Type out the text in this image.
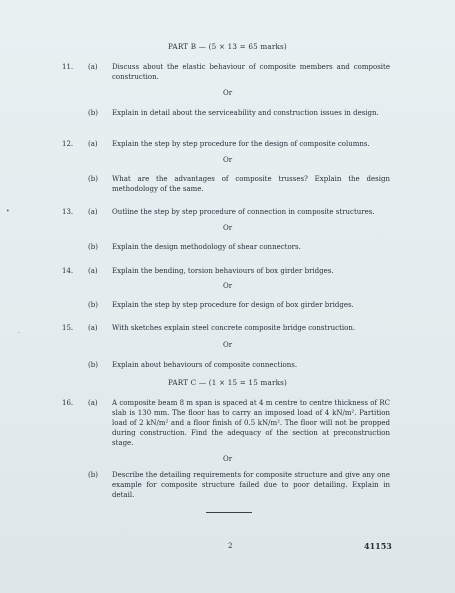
PART B — (5 × 13 = 65 marks)
11. (a) Discuss about the elastic behaviour of composite members and composite construction.
Or
(b) Explain in detail about the serviceability and construction issues in design.
12. (a) Explain the step by step procedure for the design of composite columns.
Or
(b) What are the advantages of composite trusses? Explain the design methodology of the same.
13. (a) Outline the step by step procedure of connection in composite structures.
Or
(b) Explain the design methodology of shear connectors.
14. (a) Explain the bending, torsion behaviours of box girder bridges.
Or
(b) Explain the step by step procedure for design of box girder bridges.
15. (a) With sketches explain steel concrete composite bridge construction.
Or
(b) Explain about behaviours of composite connections.
PART C — (1 × 15 = 15 marks)
16. (a) A composite beam 8 m span is spaced at 4 m centre to centre thickness of RC slab is 130 mm. The floor has to carry an imposed load of 4 kN/m². Partition load of 2 kN/m² and a floor finish of 0.5 kN/m². The floor will not be propped during construction. Find the adequacy of the section at preconstruction stage.
Or
(b) Describe the detailing requirements for composite structure and give any one example for composite structure failed due to poor detailing. Explain in detail.
2	41153
•
·
